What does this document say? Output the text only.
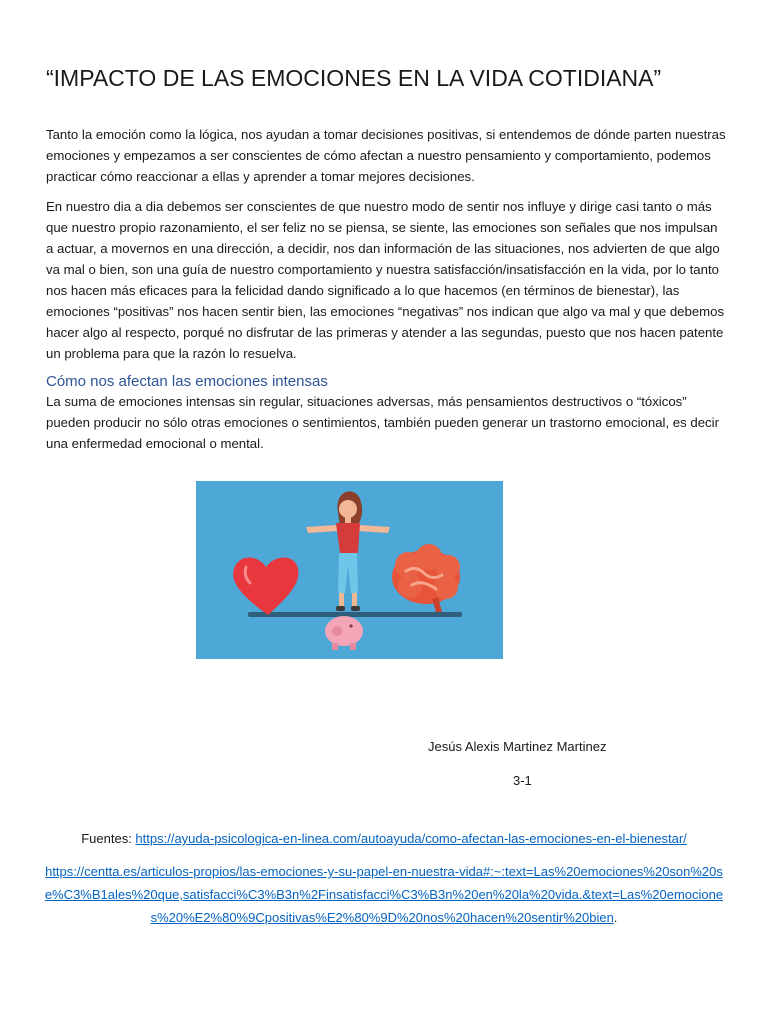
“IMPACTO DE LAS EMOCIONES EN LA VIDA COTIDIANA”

Tanto la emoción como la lógica, nos ayudan a tomar decisiones positivas, si entendemos de dónde parten nuestras emociones y empezamos a ser conscientes de cómo afectan a nuestro pensamiento y comportamiento, podemos practicar cómo reaccionar a ellas y aprender a tomar mejores decisiones.

En nuestro dia a dia debemos ser conscientes de que nuestro modo de sentir nos influye y dirige casi tanto o más que nuestro propio razonamiento, el ser feliz no se piensa, se siente, las emociones son señales que nos impulsan a actuar, a movernos en una dirección, a decidir, nos dan información de las situaciones, nos advierten de que algo va mal o bien, son una guía de nuestro comportamiento y nuestra satisfacción/insatisfacción en la vida, por lo tanto nos hacen más eficaces para la felicidad dando significado a lo que hacemos (en términos de bienestar), las emociones “positivas” nos hacen sentir bien, las emociones “negativas” nos indican que algo va mal y que debemos hacer algo al respecto, porqué no disfrutar de las primeras y atender a las segundas, puesto que nos hacen patente un problema para que la razón lo resuelva.

Cómo nos afectan las emociones intensas

La suma de emociones intensas sin regular, situaciones adversas, más pensamientos destructivos o “tóxicos” pueden producir no sólo otras emociones o sentimientos, también pueden generar un trastorno emocional, es decir una enfermedad emocional o mental.

Jesús Alexis Martinez Martinez
3-1
Fuentes: https://ayuda-psicologica-en-linea.com/autoayuda/como-afectan-las-emociones-en-el-bienestar/
https://centta.es/articulos-propios/las-emociones-y-su-papel-en-nuestra-vida#:~:text=Las%20emociones%20son%20se%C3%B1ales%20que,satisfacci%C3%B3n%2Finsatisfacci%C3%B3n%20en%20la%20vida.&text=Las%20emociones%20%E2%80%9Cpositivas%E2%80%9D%20nos%20hacen%20sentir%20bien.
